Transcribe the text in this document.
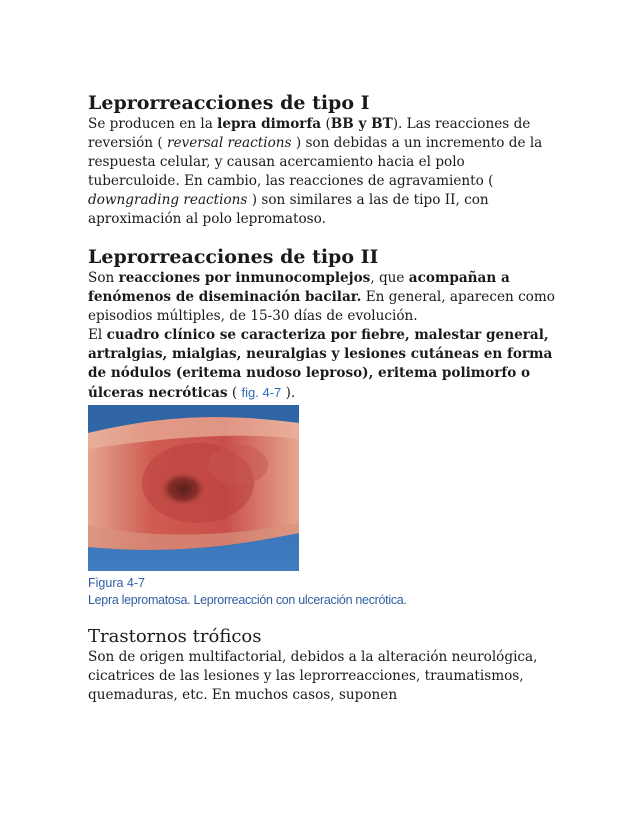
Leprorreacciones de tipo I

Se producen en la lepra dimorfa (BB y BT). Las reacciones de reversión ( reversal reactions ) son debidas a un incremento de la respuesta celular, y causan acercamiento hacia el polo tuberculoide. En cambio, las reacciones de agravamiento ( downgrading reactions ) son similares a las de tipo II, con aproximación al polo lepromatoso.

Leprorreacciones de tipo II

Son reacciones por inmunocomplejos, que acompañan a fenómenos de diseminación bacilar. En general, aparecen como episodios múltiples, de 15-30 días de evolución.

El cuadro clínico se caracteriza por fiebre, malestar general, artralgias, mialgias, neuralgias y lesiones cutáneas en forma de nódulos (eritema nudoso leproso), eritema polimorfo o úlceras necróticas ( fig. 4-7 ).

Figura 4-7
Lepra lepromatosa. Leprorreacción con ulceración necrótica.
Trastornos tróficos

Son de origen multifactorial, debidos a la alteración neurológica, cicatrices de las lesiones y las leprorreacciones, traumatismos, quemaduras, etc. En muchos casos, suponen
